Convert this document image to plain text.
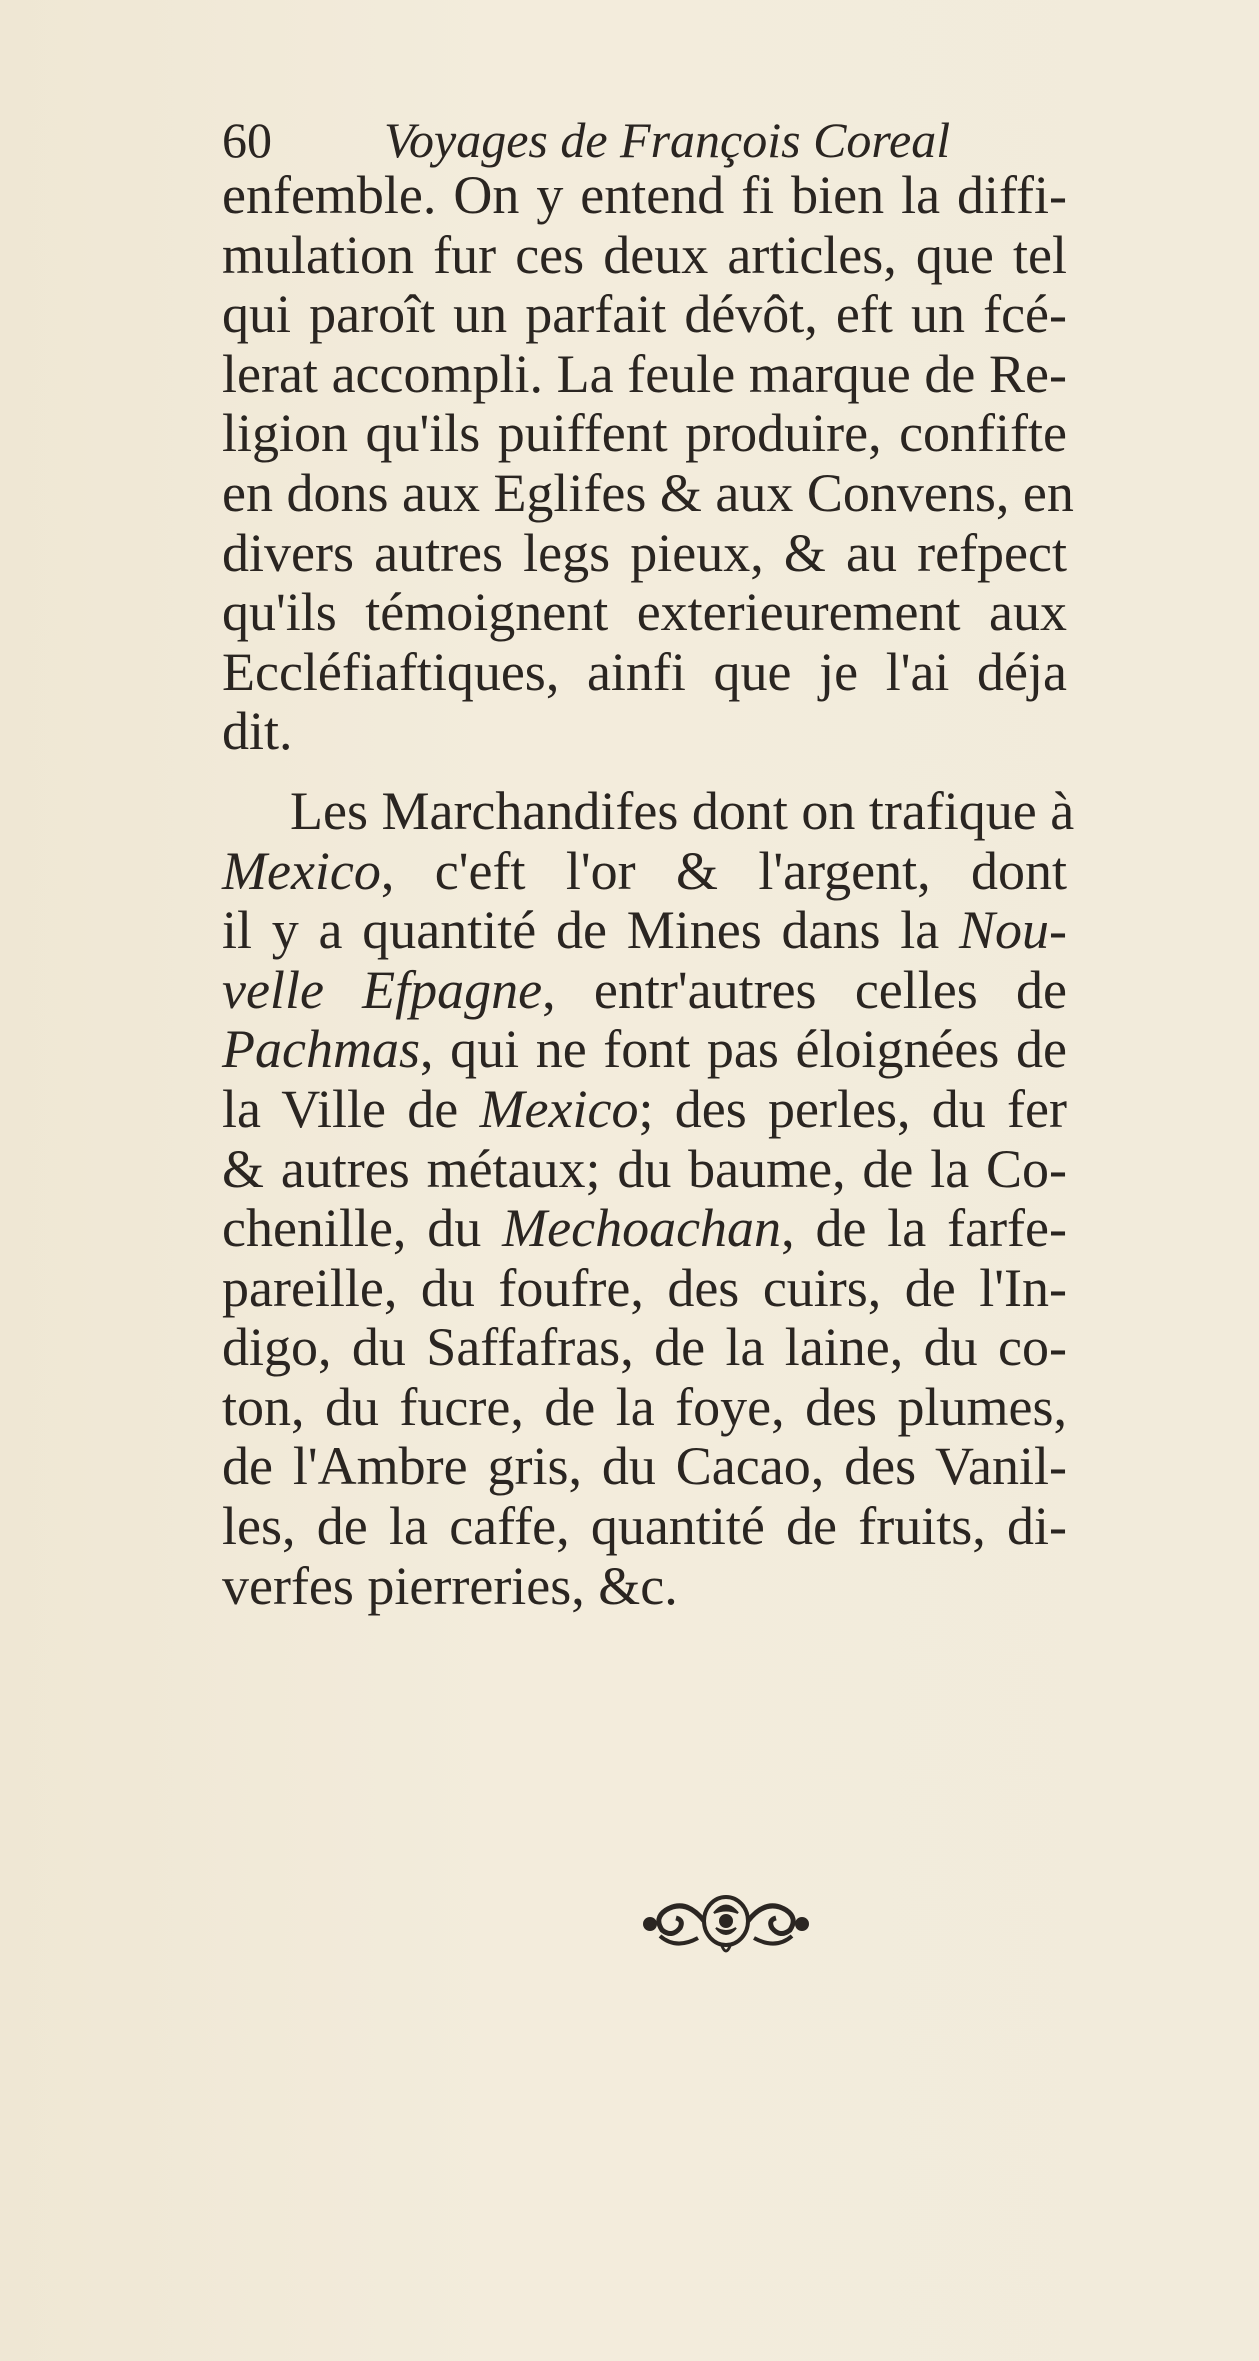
60 Voyages de François Coreal
enfemble. On y entend fi bien la diffi-
mulation fur ces deux articles, que tel
qui paroît un parfait dévôt, eft un fcé-
lerat accompli. La feule marque de Re-
ligion qu'ils puiffent produire, confifte
en dons aux Eglifes & aux Convens, en
divers autres legs pieux, & au refpect
qu'ils témoignent exterieurement aux
Eccléfiaftiques, ainfi que je l'ai déja
dit.
Les Marchandifes dont on trafique à
Mexico, c'eft l'or & l'argent, dont
il y a quantité de Mines dans la Nou-
velle Efpagne, entr'autres celles de
Pachmas, qui ne font pas éloignées de
la Ville de Mexico; des perles, du fer
& autres métaux; du baume, de la Co-
chenille, du Mechoachan, de la farfe-
pareille, du foufre, des cuirs, de l'In-
digo, du Saffafras, de la laine, du co-
ton, du fucre, de la foye, des plumes,
de l'Ambre gris, du Cacao, des Vanil-
les, de la caffe, quantité de fruits, di-
verfes pierreries, &c.
